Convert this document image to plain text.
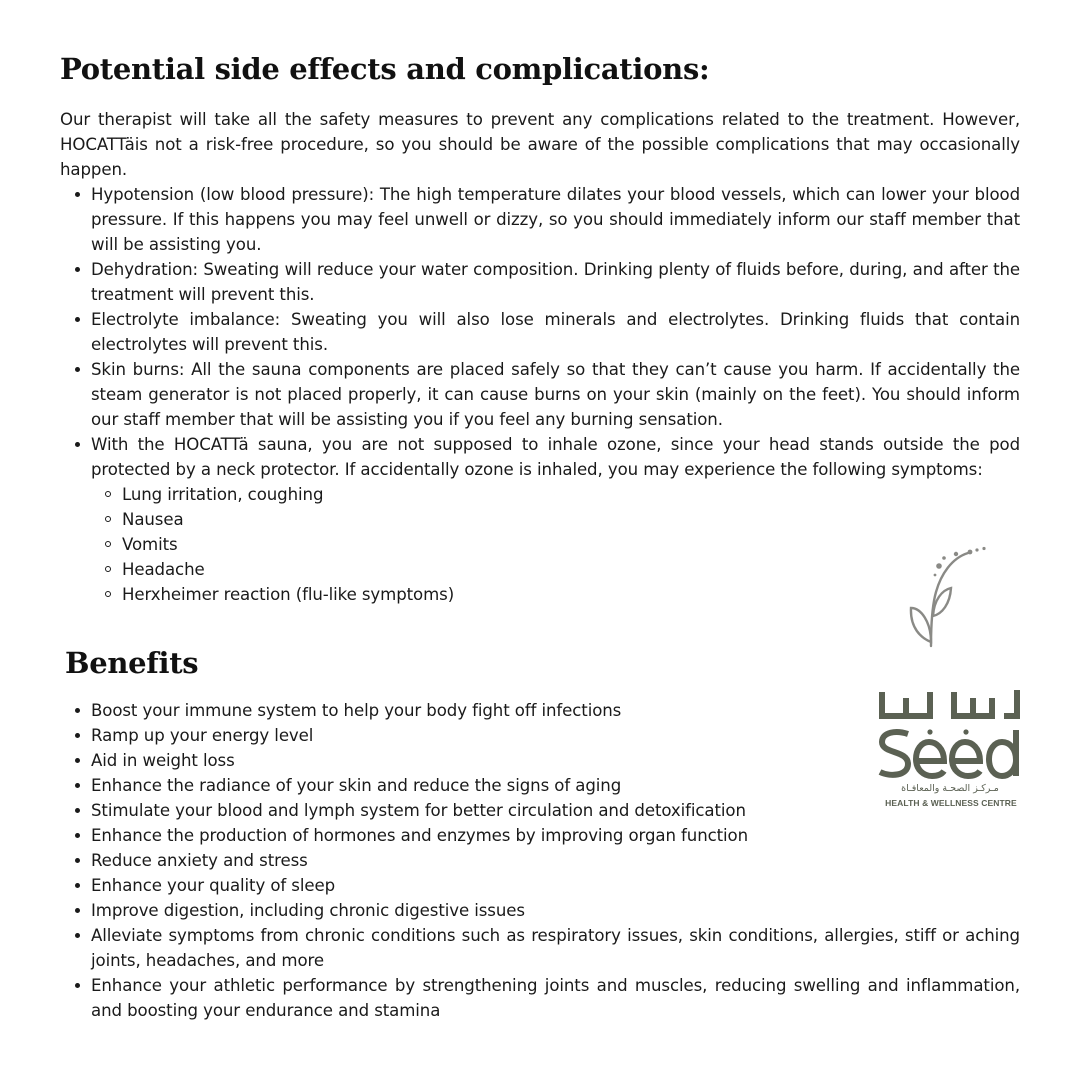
Potential side effects and complications:

Our therapist will take all the safety measures to prevent any complications related to the treatment. However, HOCATTäis not a risk-free procedure, so you should be aware of the possible complications that may occasionally happen.

Hypotension (low blood pressure): The high temperature dilates your blood vessels, which can lower your blood pressure. If this happens you may feel unwell or dizzy, so you should immediately inform our staff member that will be assisting you.
Dehydration: Sweating will reduce your water composition. Drinking plenty of fluids before, during, and after the treatment will prevent this.
Electrolyte imbalance: Sweating you will also lose minerals and electrolytes. Drinking fluids that contain electrolytes will prevent this.
Skin burns: All the sauna components are placed safely so that they can’t cause you harm. If accidentally the steam generator is not placed properly, it can cause burns on your skin (mainly on the feet). You should inform our staff member that will be assisting you if you feel any burning sensation.
With the HOCATTä sauna, you are not supposed to inhale ozone, since your head stands outside the pod protected by a neck protector. If accidentally ozone is inhaled, you may experience the following symptoms:
Lung irritation, coughing
Nausea
Vomits
Headache
Herxheimer reaction (flu-like symptoms)
Benefits
Boost your immune system to help your body fight off infections
Ramp up your energy level
Aid in weight loss
Enhance the radiance of your skin and reduce the signs of aging
Stimulate your blood and lymph system for better circulation and detoxification
Enhance the production of hormones and enzymes by improving organ function
Reduce anxiety and stress
Enhance your quality of sleep
Improve digestion, including chronic digestive issues
Alleviate symptoms from chronic conditions such as respiratory issues, skin conditions, allergies, stiff or aching joints, headaches, and more
Enhance your athletic performance by strengthening joints and muscles, reducing swelling and inflammation, and boosting your endurance and stamina

مـركـز الصحـة والمعافـاة

HEALTH & WELLNESS CENTRE
